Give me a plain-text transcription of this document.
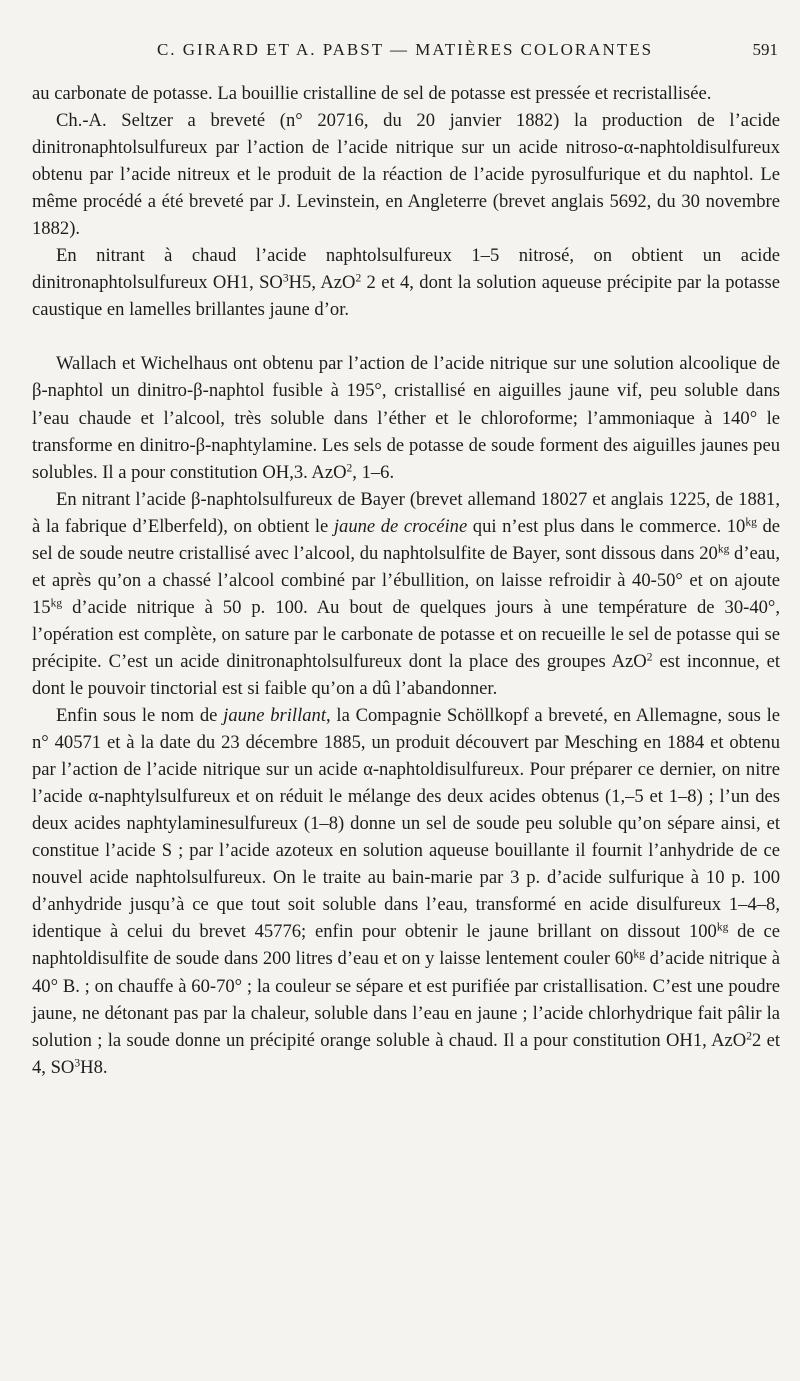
C. GIRARD ET A. PABST — MATIÈRES COLORANTES	591

au carbonate de potasse. La bouillie cristalline de sel de potasse est pressée et recristallisée.

Ch.-A. Seltzer a breveté (n° 20716, du 20 janvier 1882) la production de l’acide dinitronaphtolsulfureux par l’action de l’acide nitrique sur un acide nitroso-α-naphtoldisulfureux obtenu par l’acide nitreux et le produit de la réaction de l’acide pyrosulfurique et du naphtol. Le même procédé a été breveté par J. Levinstein, en Angleterre (brevet anglais 5692, du 30 novembre 1882).

En nitrant à chaud l’acide naphtolsulfureux 1–5 nitrosé, on obtient un acide dinitronaphtolsulfureux OH1, $SO^3H5$, AzO$^2$ 2 et 4, dont la solution aqueuse précipite par la potasse caustique en lamelles brillantes jaune d’or.

Wallach et Wichelhaus ont obtenu par l’action de l’acide nitrique sur une solution alcoolique de β-naphtol un dinitro-β-naphtol fusible à 195°, cristallisé en aiguilles jaune vif, peu soluble dans l’eau chaude et l’alcool, très soluble dans l’éther et le chloroforme; l’ammoniaque à 140° le transforme en dinitro-β-naphtylamine. Les sels de potasse de soude forment des aiguilles jaunes peu solubles. Il a pour constitution OH,3. AzO$^2$, 1–6.

En nitrant l’acide β-naphtolsulfureux de Bayer (brevet allemand 18027 et anglais 1225, de 1881, à la fabrique d’Elberfeld), on obtient le jaune de crocéine qui n’est plus dans le commerce. $10^{kg}$ de sel de soude neutre cristallisé avec l’alcool, du naphtolsulfite de Bayer, sont dissous dans $20^{kg}$ d’eau, et après qu’on a chassé l’alcool combiné par l’ébullition, on laisse refroidir à 40-50° et on ajoute $15^{kg}$ d’acide nitrique à 50 p. 100. Au bout de quelques jours à une température de 30-40°, l’opération est complète, on sature par le carbonate de potasse et on recueille le sel de potasse qui se précipite. C’est un acide dinitronaphtolsulfureux dont la place des groupes AzO$^2$ est inconnue, et dont le pouvoir tinctorial est si faible qu’on a dû l’abandonner.

Enfin sous le nom de jaune brillant, la Compagnie Schöllkopf a breveté, en Allemagne, sous le n° 40571 et à la date du 23 décembre 1885, un produit découvert par Mesching en 1884 et obtenu par l’action de l’acide nitrique sur un acide α-naphtoldisulfureux. Pour préparer ce dernier, on nitre l’acide α-naphtylsulfureux et on réduit le mélange des deux acides obtenus (1,–5 et 1–8) ; l’un des deux acides naphtylaminesulfureux (1–8) donne un sel de soude peu soluble qu’on sépare ainsi, et constitue l’acide S ; par l’acide azoteux en solution aqueuse bouillante il fournit l’anhydride de ce nouvel acide naphtolsulfureux. On le traite au bain-marie par 3 p. d’acide sulfurique à 10 p. 100 d’anhydride jusqu’à ce que tout soit soluble dans l’eau, transformé en acide disulfureux 1–4–8, identique à celui du brevet 45776; enfin pour obtenir le jaune brillant on dissout $100^{kg}$ de ce naphtoldisulfite de soude dans 200 litres d’eau et on y laisse lentement couler $60^{kg}$ d’acide nitrique à 40° B. ; on chauffe à 60-70° ; la couleur se sépare et est purifiée par cristallisation. C’est une poudre jaune, ne détonant pas par la chaleur, soluble dans l’eau en jaune ; l’acide chlorhydrique fait pâlir la solution ; la soude donne un précipité orange soluble à chaud. Il a pour constitution OH1, AzO$^2$2 et 4, $SO^3H8$.
